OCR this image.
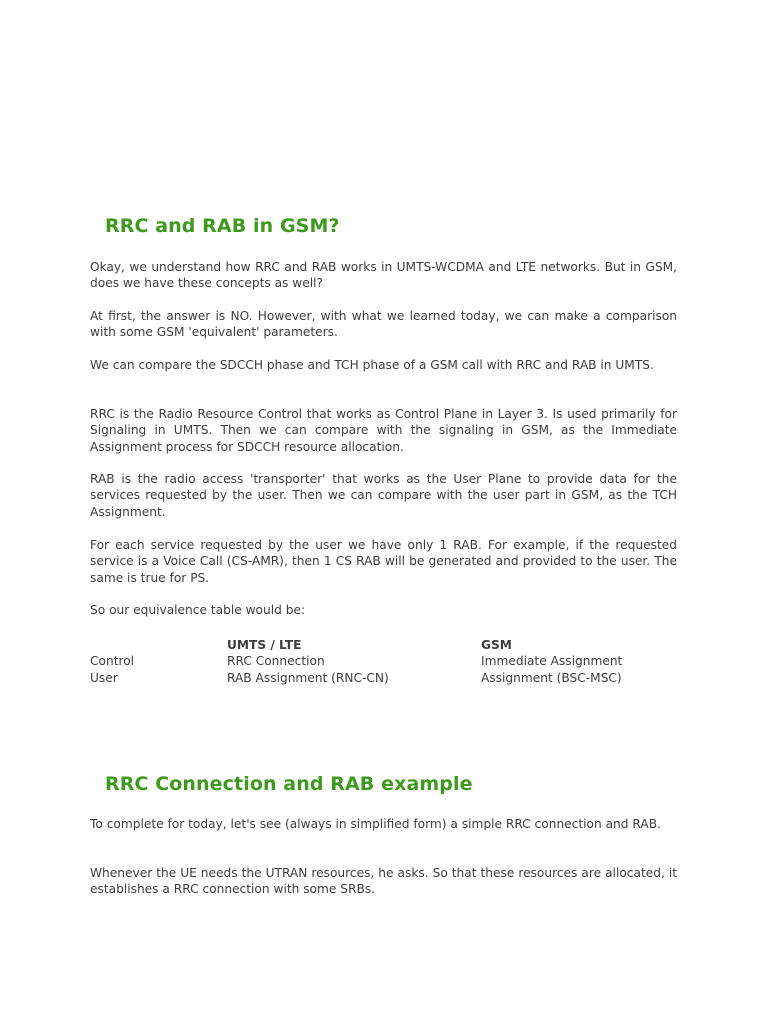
RRC and RAB in GSM?

Okay, we understand how RRC and RAB works in UMTS-WCDMA and LTE networks. But in GSM, does we have these concepts as well?

At first, the answer is NO. However, with what we learned today, we can make a comparison with some GSM 'equivalent' parameters.

We can compare the SDCCH phase and TCH phase of a GSM call with RRC and RAB in UMTS.

RRC is the Radio Resource Control that works as Control Plane in Layer 3. Is used primarily for Signaling in UMTS. Then we can compare with the signaling in GSM, as the Immediate Assignment process for SDCCH resource allocation.

RAB is the radio access 'transporter' that works as the User Plane to provide data for the services requested by the user. Then we can compare with the user part in GSM, as the TCH Assignment.

For each service requested by the user we have only 1 RAB. For example, if the requested service is a Voice Call (CS-AMR), then 1 CS RAB will be generated and provided to the user. The same is true for PS.

So our equivalence table would be:

	UMTS / LTE	GSM
Control	RRC Connection	Immediate Assignment
User	RAB Assignment (RNC-CN)	Assignment (BSC-MSC)
RRC Connection and RAB example

To complete for today, let's see (always in simplified form) a simple RRC connection and RAB.

Whenever the UE needs the UTRAN resources, he asks. So that these resources are allocated, it establishes a RRC connection with some SRBs.
